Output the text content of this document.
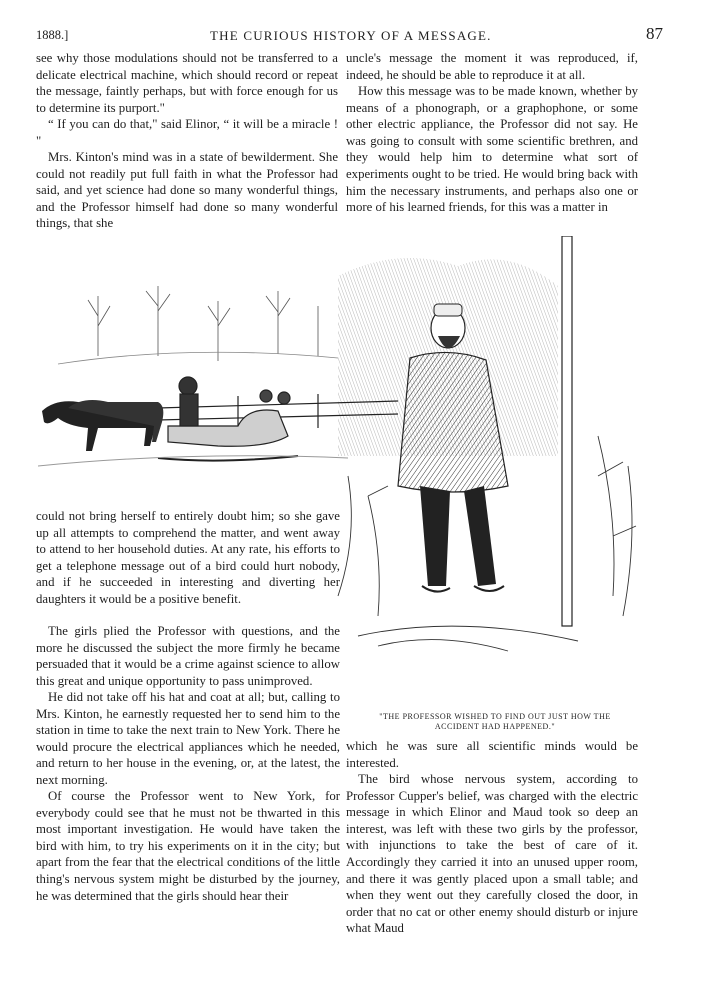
1888.]	THE CURIOUS HISTORY OF A MESSAGE.	87

see why those modulations should not be transferred to a delicate electrical machine, which should record or repeat the message, faintly perhaps, but with force enough for us to determine its purport."

“ If you can do that," said Elinor, “ it will be a miracle ! "

Mrs. Kinton's mind was in a state of bewilderment. She could not readily put full faith in what the Professor had said, and yet science had done so many wonderful things, and the Professor himself had done so many wonderful things, that she

uncle's message the moment it was reproduced, if, indeed, he should be able to reproduce it at all.

How this message was to be made known, whether by means of a phonograph, or a graphophone, or some other electric appliance, the Professor did not say. He was going to consult with some scientific brethren, and they would help him to determine what sort of experiments ought to be tried. He would bring back with him the necessary instruments, and perhaps also one or more of his learned friends, for this was a matter in

could not bring herself to entirely doubt him; so she gave up all attempts to comprehend the matter, and went away to attend to her household duties. At any rate, his efforts to get a telephone message out of a bird could hurt nobody, and if he succeeded in interesting and diverting her daughters it would be a positive benefit.

The girls plied the Professor with questions, and the more he discussed the subject the more firmly he became persuaded that it would be a crime against science to allow this great and unique opportunity to pass unimproved.

He did not take off his hat and coat at all; but, calling to Mrs. Kinton, he earnestly requested her to send him to the station in time to take the next train to New York. There he would procure the electrical appliances which he needed, and return to her house in the evening, or, at the latest, the next morning.

Of course the Professor went to New York, for everybody could see that he must not be thwarted in this most important investigation. He would have taken the bird with him, to try his experiments on it in the city; but apart from the fear that the electrical conditions of the little thing's nervous system might be disturbed by the journey, he was determined that the girls should hear their

"THE PROFESSOR WISHED TO FIND OUT JUST HOW THE ACCIDENT HAD HAPPENED."

which he was sure all scientific minds would be interested.

The bird whose nervous system, according to Professor Cupper's belief, was charged with the electric message in which Elinor and Maud took so deep an interest, was left with these two girls by the professor, with injunctions to take the best of care of it. Accordingly they carried it into an unused upper room, and there it was gently placed upon a small table; and when they went out they carefully closed the door, in order that no cat or other enemy should disturb or injure what Maud
